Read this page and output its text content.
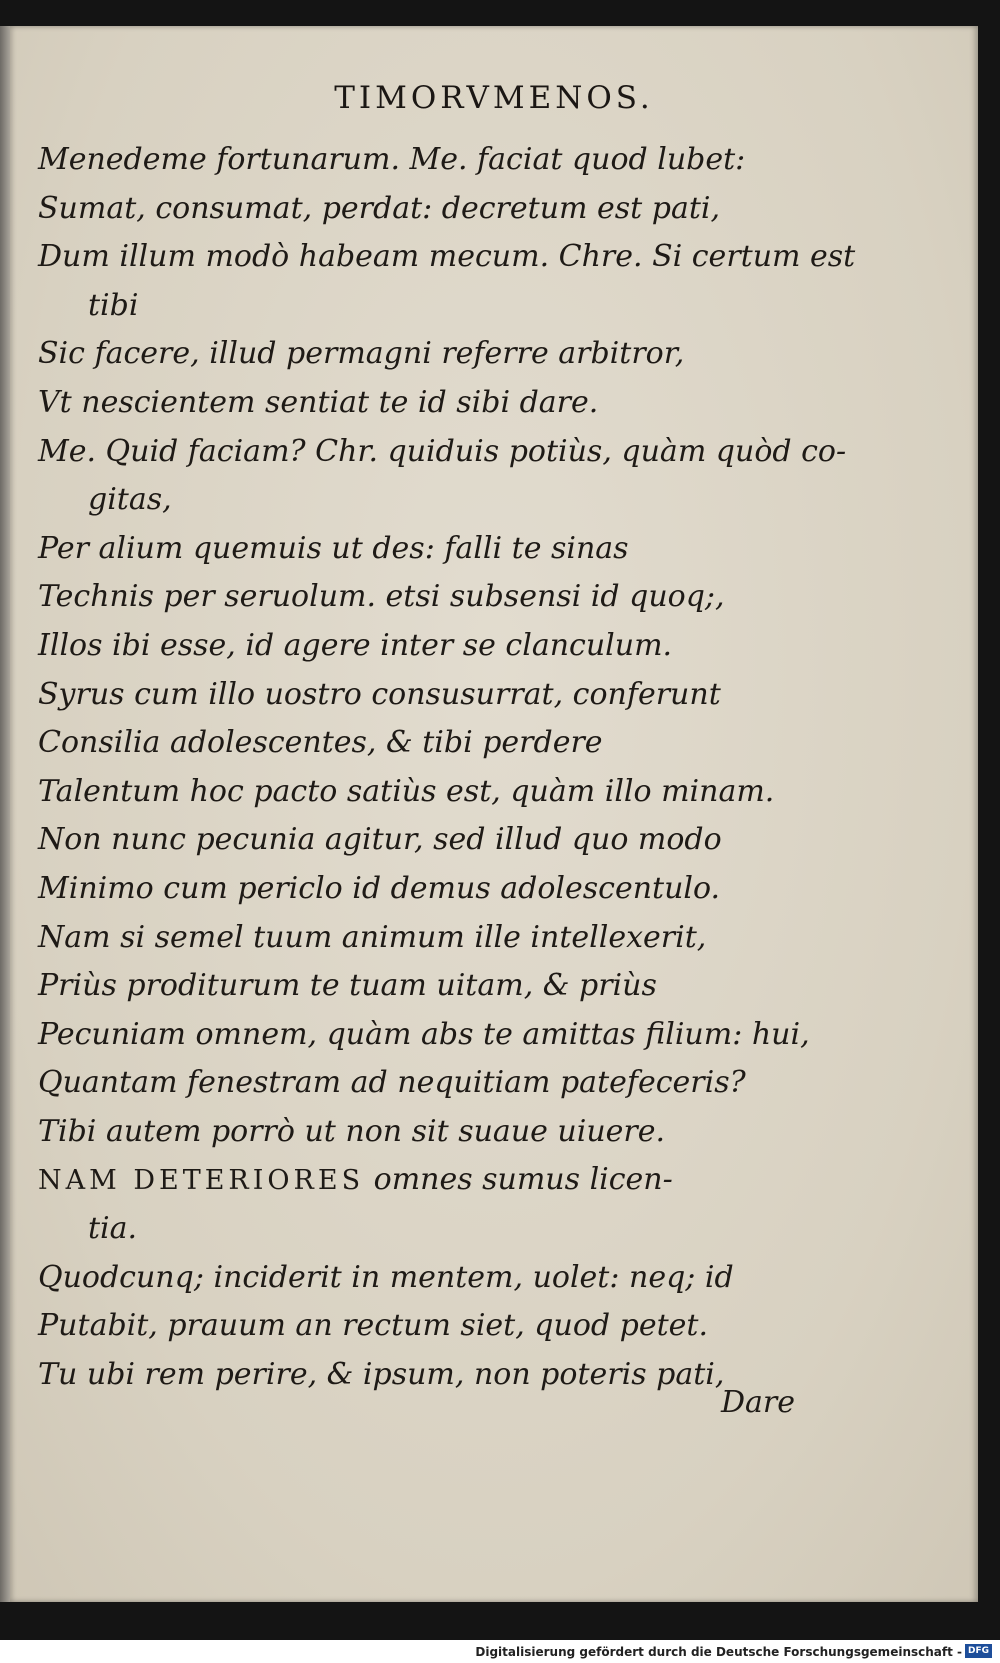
TIMORVMENOS.
Menedeme fortunarum. Me. faciat quod lubet:
Sumat, consumat, perdat: decretum est pati,
Dum illum modò habeam mecum. Chre. Si certum est
tibi
Sic facere, illud permagni referre arbitror,
Vt nescientem sentiat te id sibi dare.
Me. Quid faciam? Chr. quiduis potiùs, quàm quòd co-
gitas,
Per alium quemuis ut des: falli te sinas
Technis per seruolum. etsi subsensi id quoq;,
Illos ibi esse, id agere inter se clanculum.
Syrus cum illo uostro consusurrat, conferunt
Consilia adolescentes, & tibi perdere
Talentum hoc pacto satiùs est, quàm illo minam.
Non nunc pecunia agitur, sed illud quo modo
Minimo cum periclo id demus adolescentulo.
Nam si semel tuum animum ille intellexerit,
Priùs proditurum te tuam uitam, & priùs
Pecuniam omnem, quàm abs te amittas filium: hui,
Quantam fenestram ad nequitiam patefeceris?
Tibi autem porrò ut non sit suaue uiuere.
NAM DETERIORES omnes sumus licen-
tia.
Quodcunq; inciderit in mentem, uolet: neq; id
Putabit, prauum an rectum siet, quod petet.
Tu ubi rem perire, & ipsum, non poteris pati,
Dare
Digitalisierung gefördert durch die Deutsche Forschungsgemeinschaft - DFG
